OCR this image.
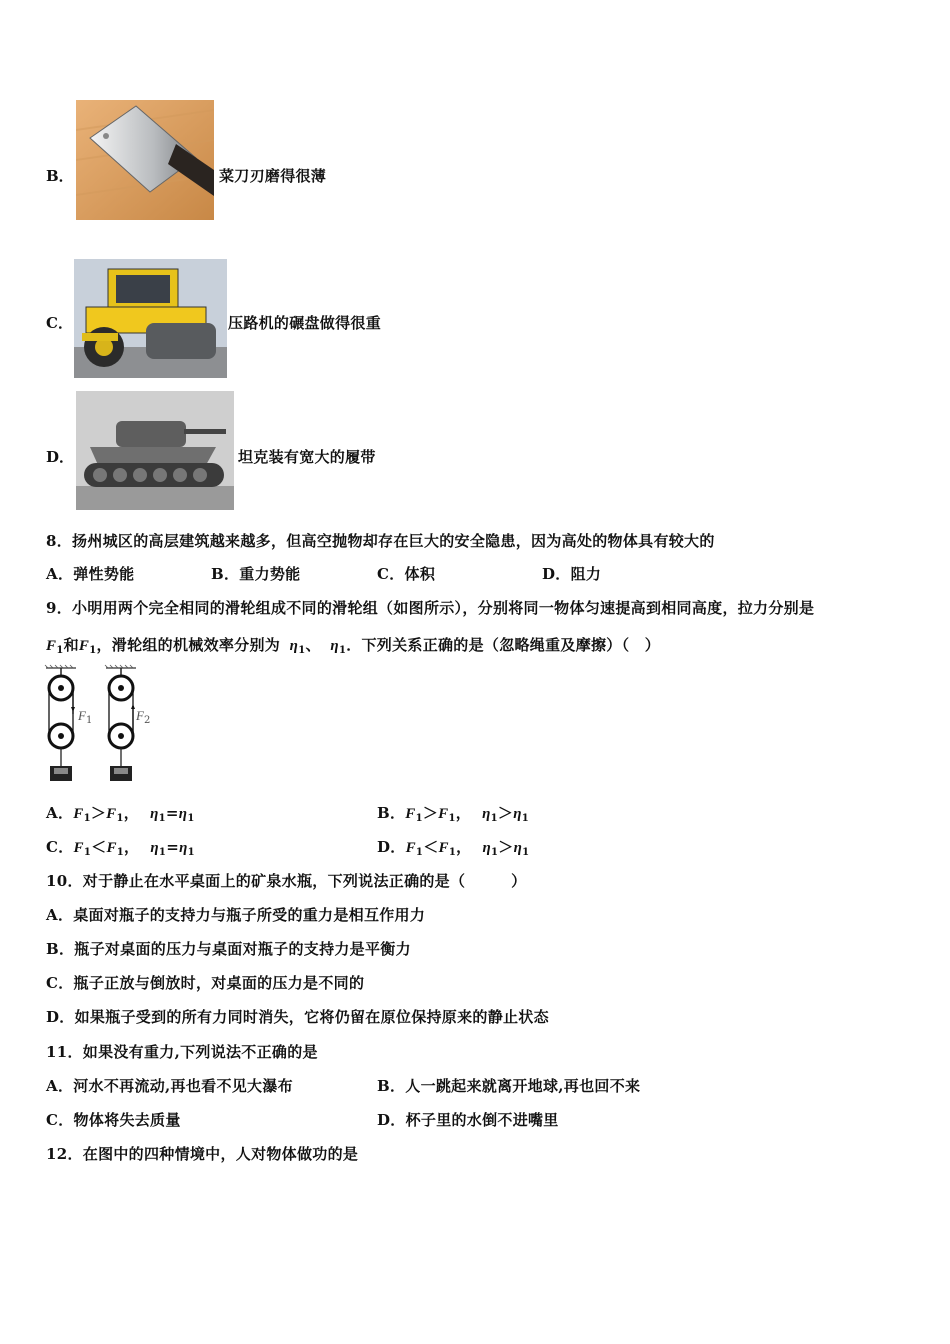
B．	菜刀刃磨得很薄
C．	压路机的碾盘做得很重
D．	坦克装有宽大的履带
8．扬州城区的高层建筑越来越多，但高空抛物却存在巨大的安全隐患，因为高处的物体具有较大的
A．弹性势能	B．重力势能	C．体积	D．阻力
9．小明用两个完全相同的滑轮组成不同的滑轮组（如图所示），分别将同一物体匀速提高到相同高度，拉力分别是
$F_1$和$F_1$，滑轮组的机械效率分别为 $\eta_1$、 $\eta_1$．下列关系正确的是（忽略绳重及摩擦）（　）
$F_1$	$F_2$
A．$F_1>F_1$， $\eta_1=\eta_1$	B．$F_1>F_1$， $\eta_1>\eta_1$
C．$F_1<F_1$， $\eta_1=\eta_1$	D．$F_1<F_1$， $\eta_1>\eta_1$
10．对于静止在水平桌面上的矿泉水瓶，下列说法正确的是（　　　）
A．桌面对瓶子的支持力与瓶子所受的重力是相互作用力
B．瓶子对桌面的压力与桌面对瓶子的支持力是平衡力
C．瓶子正放与倒放时，对桌面的压力是不同的
D．如果瓶子受到的所有力同时消失，它将仍留在原位保持原来的静止状态
11．如果没有重力,下列说法不正确的是
A．河水不再流动,再也看不见大瀑布	B．人一跳起来就离开地球,再也回不来
C．物体将失去质量	D．杯子里的水倒不进嘴里
12．在图中的四种情境中，人对物体做功的是
